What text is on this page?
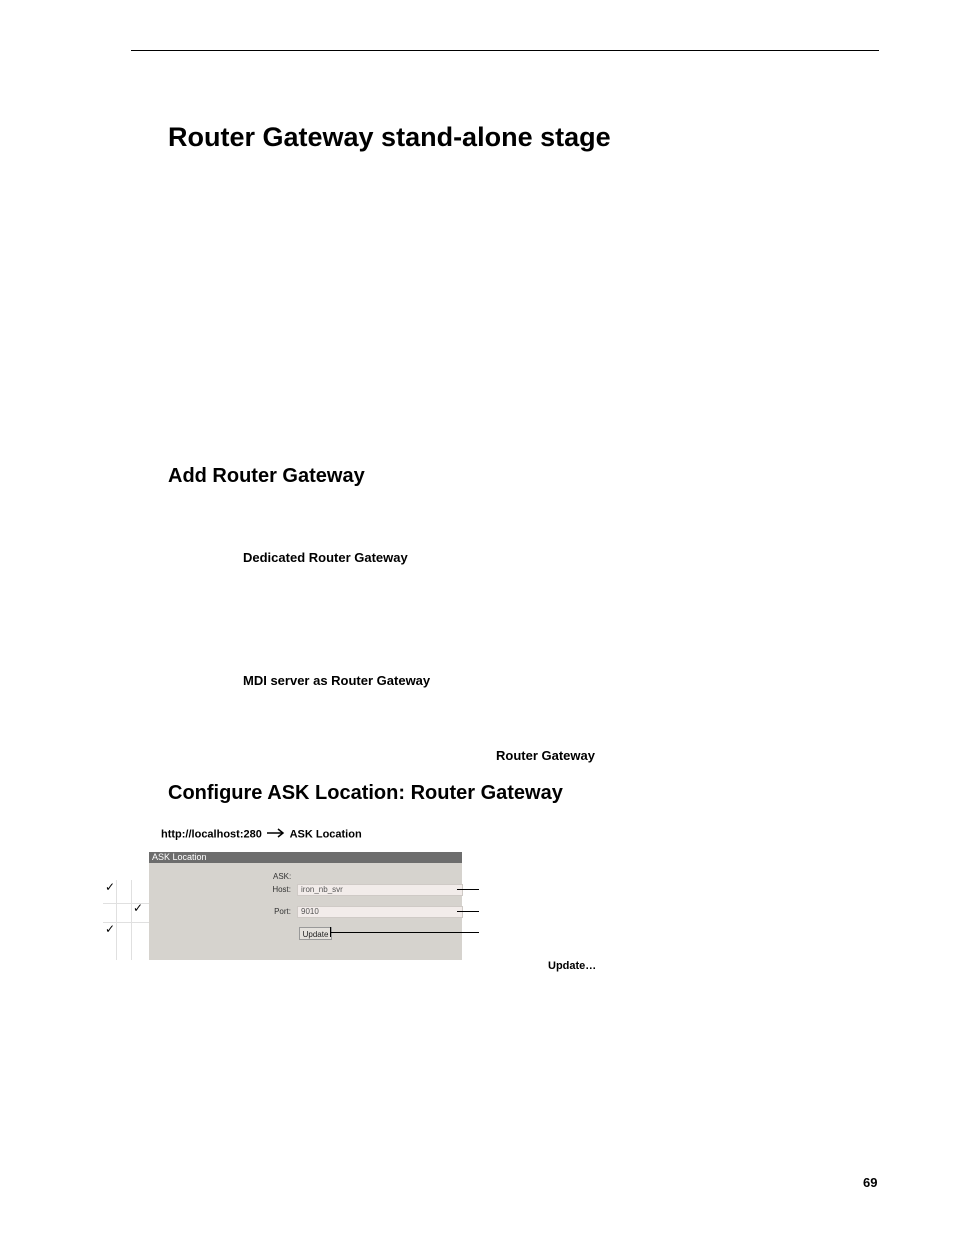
Router Gateway stand-alone stage
Add Router Gateway
Dedicated Router Gateway
MDI server as Router Gateway
Router Gateway
Configure ASK Location: Router Gateway
http://localhost:280	ASK Location
✓
✓
✓
ASK Location
ASK:
Host:	iron_nb_svr
Port:	9010
Update
Update…
69
